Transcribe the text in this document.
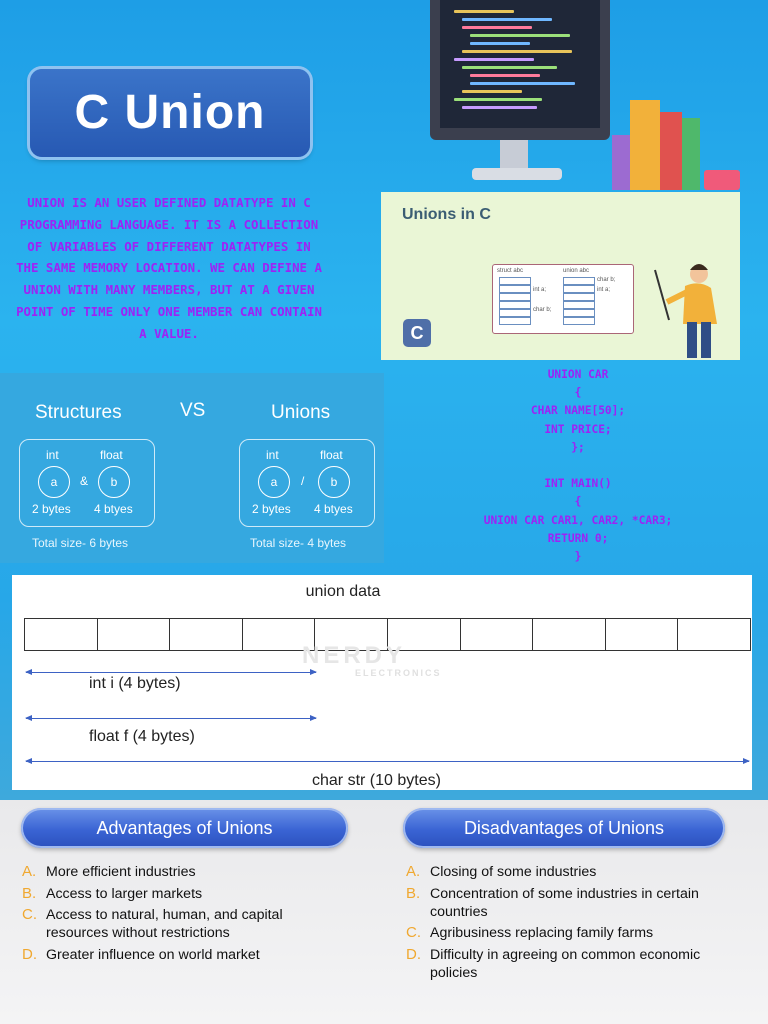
C Union
UNION IS AN USER DEFINED DATATYPE IN C PROGRAMMING LANGUAGE. IT IS A COLLECTION OF VARIABLES OF DIFFERENT DATATYPES IN THE SAME MEMORY LOCATION. WE CAN DEFINE A UNION WITH MANY MEMBERS, BUT AT A GIVEN POINT OF TIME ONLY ONE MEMBER CAN CONTAIN A VALUE.
Unions in C
struct abc	union abc
int a;
char b;
char b;
int a;
C
Structures	VS	Unions
int	float
a	&	b
2 bytes 4 btyes
Total size- 6 bytes
int	float
a	/	b
2 bytes 4 btyes
Total size- 4 bytes
UNION CAR
{
CHAR NAME[50];
INT PRICE;
};

INT MAIN()
{
UNION CAR CAR1, CAR2, *CAR3;
RETURN 0;
}
union data
NERDY
ELECTRONICS
int i (4 bytes)
float f (4 bytes)
char str (10 bytes)
Advantages of Unions
A. More efficient industries
B. Access to larger markets
C. Access to natural, human, and capital resources without restrictions
D. Greater influence on world market
Disadvantages of Unions
A. Closing of some industries
B. Concentration of some industries in certain countries
C. Agribusiness replacing family farms
D. Difficulty in agreeing on common economic policies
